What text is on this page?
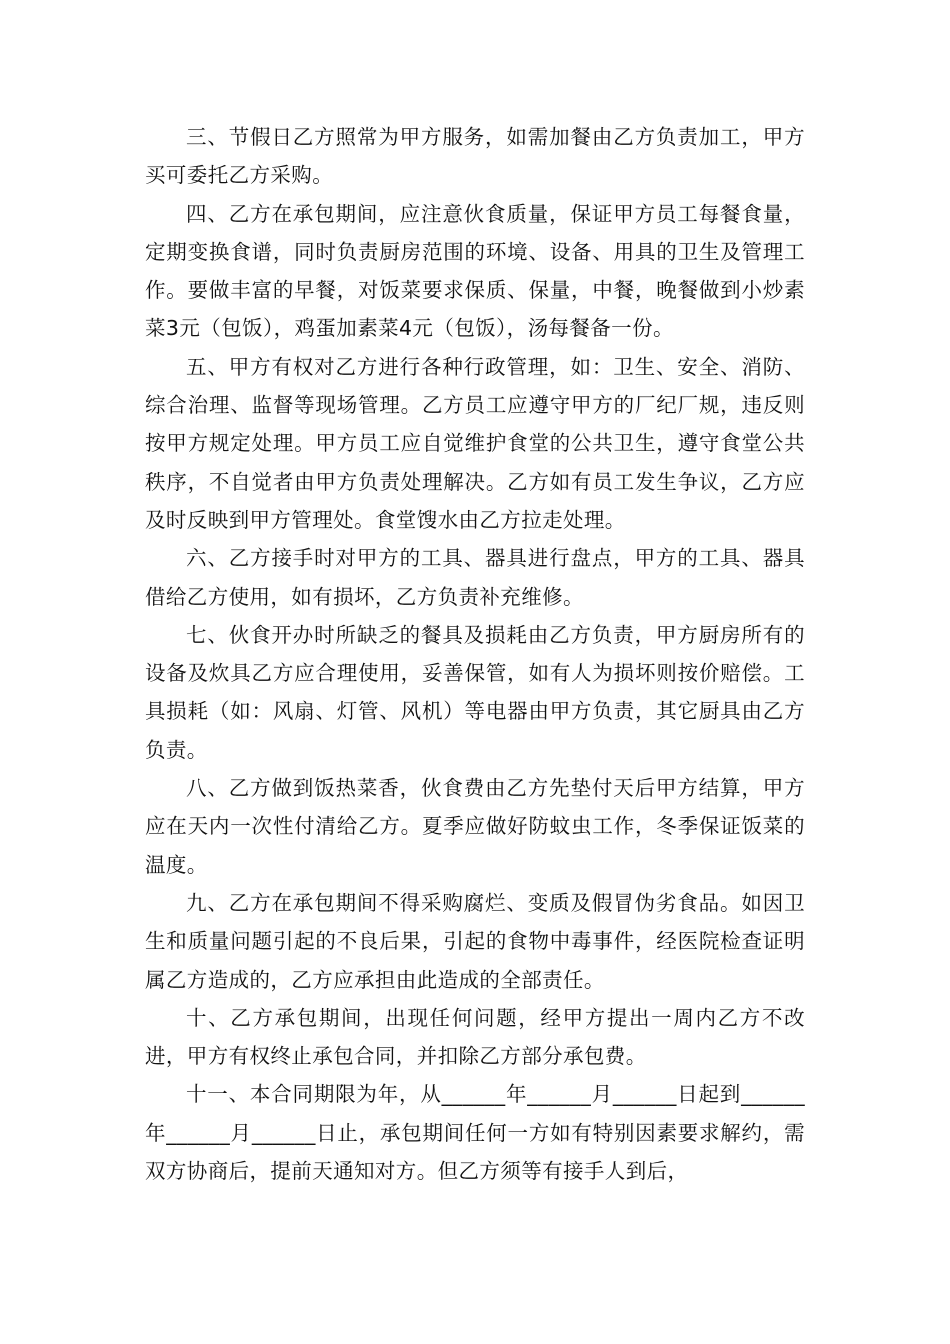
三、节假日乙方照常为甲方服务，如需加餐由乙方负责加工，甲方买可委托乙方采购。

四、乙方在承包期间，应注意伙食质量，保证甲方员工每餐食量，定期变换食谱，同时负责厨房范围的环境、设备、用具的卫生及管理工作。要做丰富的早餐，对饭菜要求保质、保量，中餐，晚餐做到小炒素菜3元（包饭），鸡蛋加素菜4元（包饭），汤每餐备一份。

五、甲方有权对乙方进行各种行政管理，如：卫生、安全、消防、综合治理、监督等现场管理。乙方员工应遵守甲方的厂纪厂规，违反则按甲方规定处理。甲方员工应自觉维护食堂的公共卫生，遵守食堂公共秩序，不自觉者由甲方负责处理解决。乙方如有员工发生争议，乙方应及时反映到甲方管理处。食堂馊水由乙方拉走处理。

六、乙方接手时对甲方的工具、器具进行盘点，甲方的工具、器具借给乙方使用，如有损坏，乙方负责补充维修。

七、伙食开办时所缺乏的餐具及损耗由乙方负责，甲方厨房所有的设备及炊具乙方应合理使用，妥善保管，如有人为损坏则按价赔偿。工具损耗（如：风扇、灯管、风机）等电器由甲方负责，其它厨具由乙方负责。

八、乙方做到饭热菜香，伙食费由乙方先垫付天后甲方结算，甲方应在天内一次性付清给乙方。夏季应做好防蚊虫工作，冬季保证饭菜的温度。

九、乙方在承包期间不得采购腐烂、变质及假冒伪劣食品。如因卫生和质量问题引起的不良后果，引起的食物中毒事件，经医院检查证明属乙方造成的，乙方应承担由此造成的全部责任。

十、乙方承包期间，出现任何问题，经甲方提出一周内乙方不改进，甲方有权终止承包合同，并扣除乙方部分承包费。

十一、本合同期限为年，从______年______月______日起到______年______月______日止，承包期间任何一方如有特别因素要求解约，需双方协商后，提前天通知对方。但乙方须等有接手人到后，
